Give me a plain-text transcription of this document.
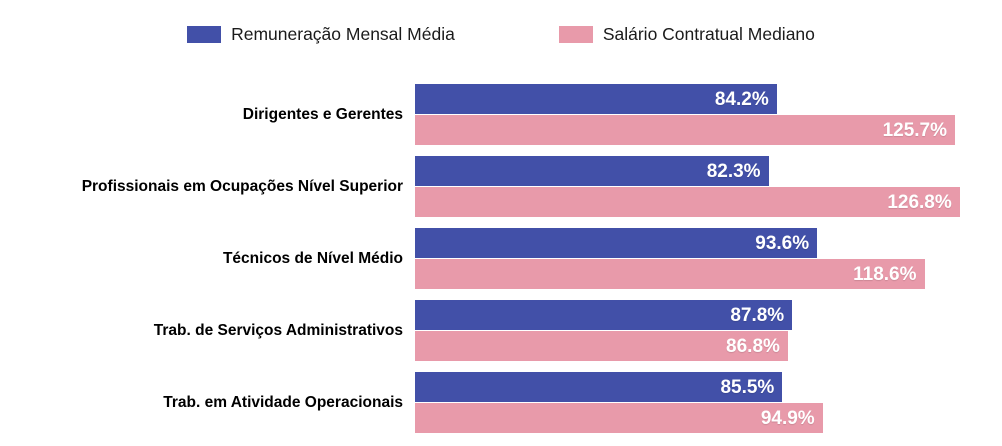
Remuneração Mensal Média	Salário Contratual Mediano
Dirigentes e Gerentes
84.2%
125.7%
Profissionais em Ocupações Nível Superior
82.3%
126.8%
Técnicos de Nível Médio
93.6%
118.6%
Trab. de Serviços Administrativos
87.8%
86.8%
Trab. em Atividade Operacionais
85.5%
94.9%
